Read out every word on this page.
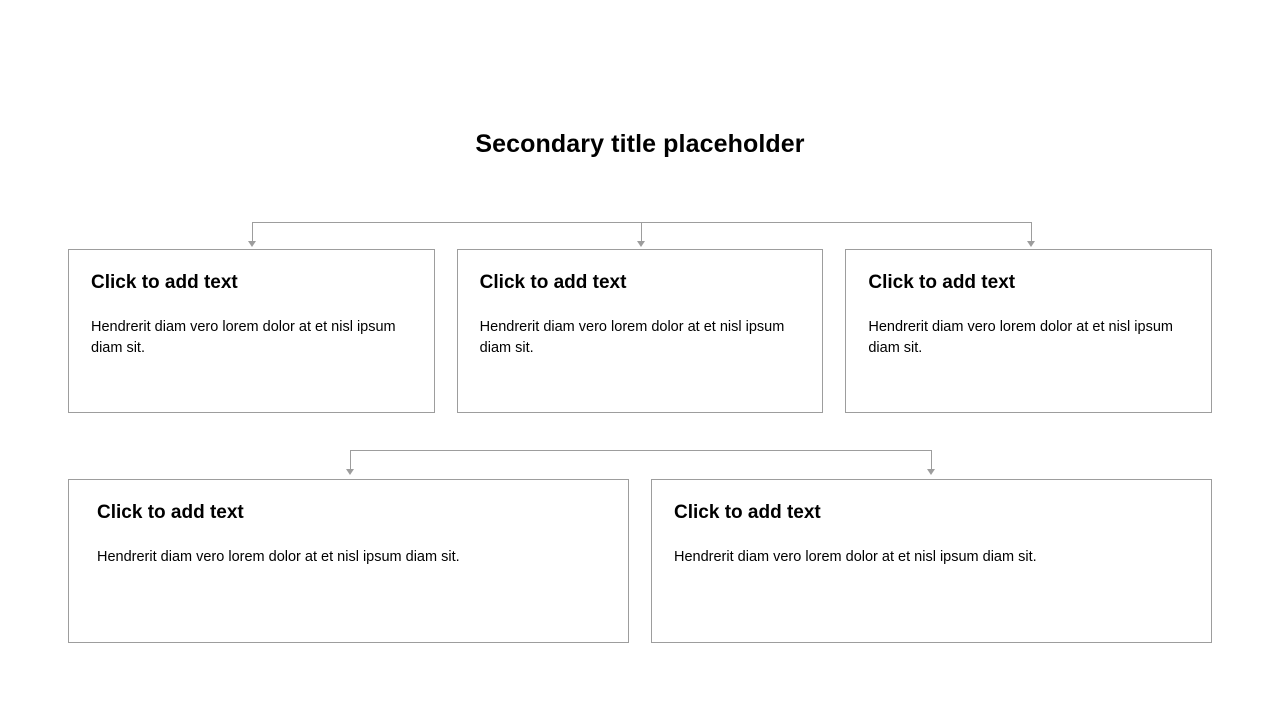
Secondary title placeholder
Click to add text

Hendrerit diam vero lorem dolor at et nisl ipsum diam sit.

Click to add text

Hendrerit diam vero lorem dolor at et nisl ipsum diam sit.

Click to add text

Hendrerit diam vero lorem dolor at et nisl ipsum diam sit.

Click to add text

Hendrerit diam vero lorem dolor at et nisl ipsum diam sit.

Click to add text

Hendrerit diam vero lorem dolor at et nisl ipsum diam sit.
